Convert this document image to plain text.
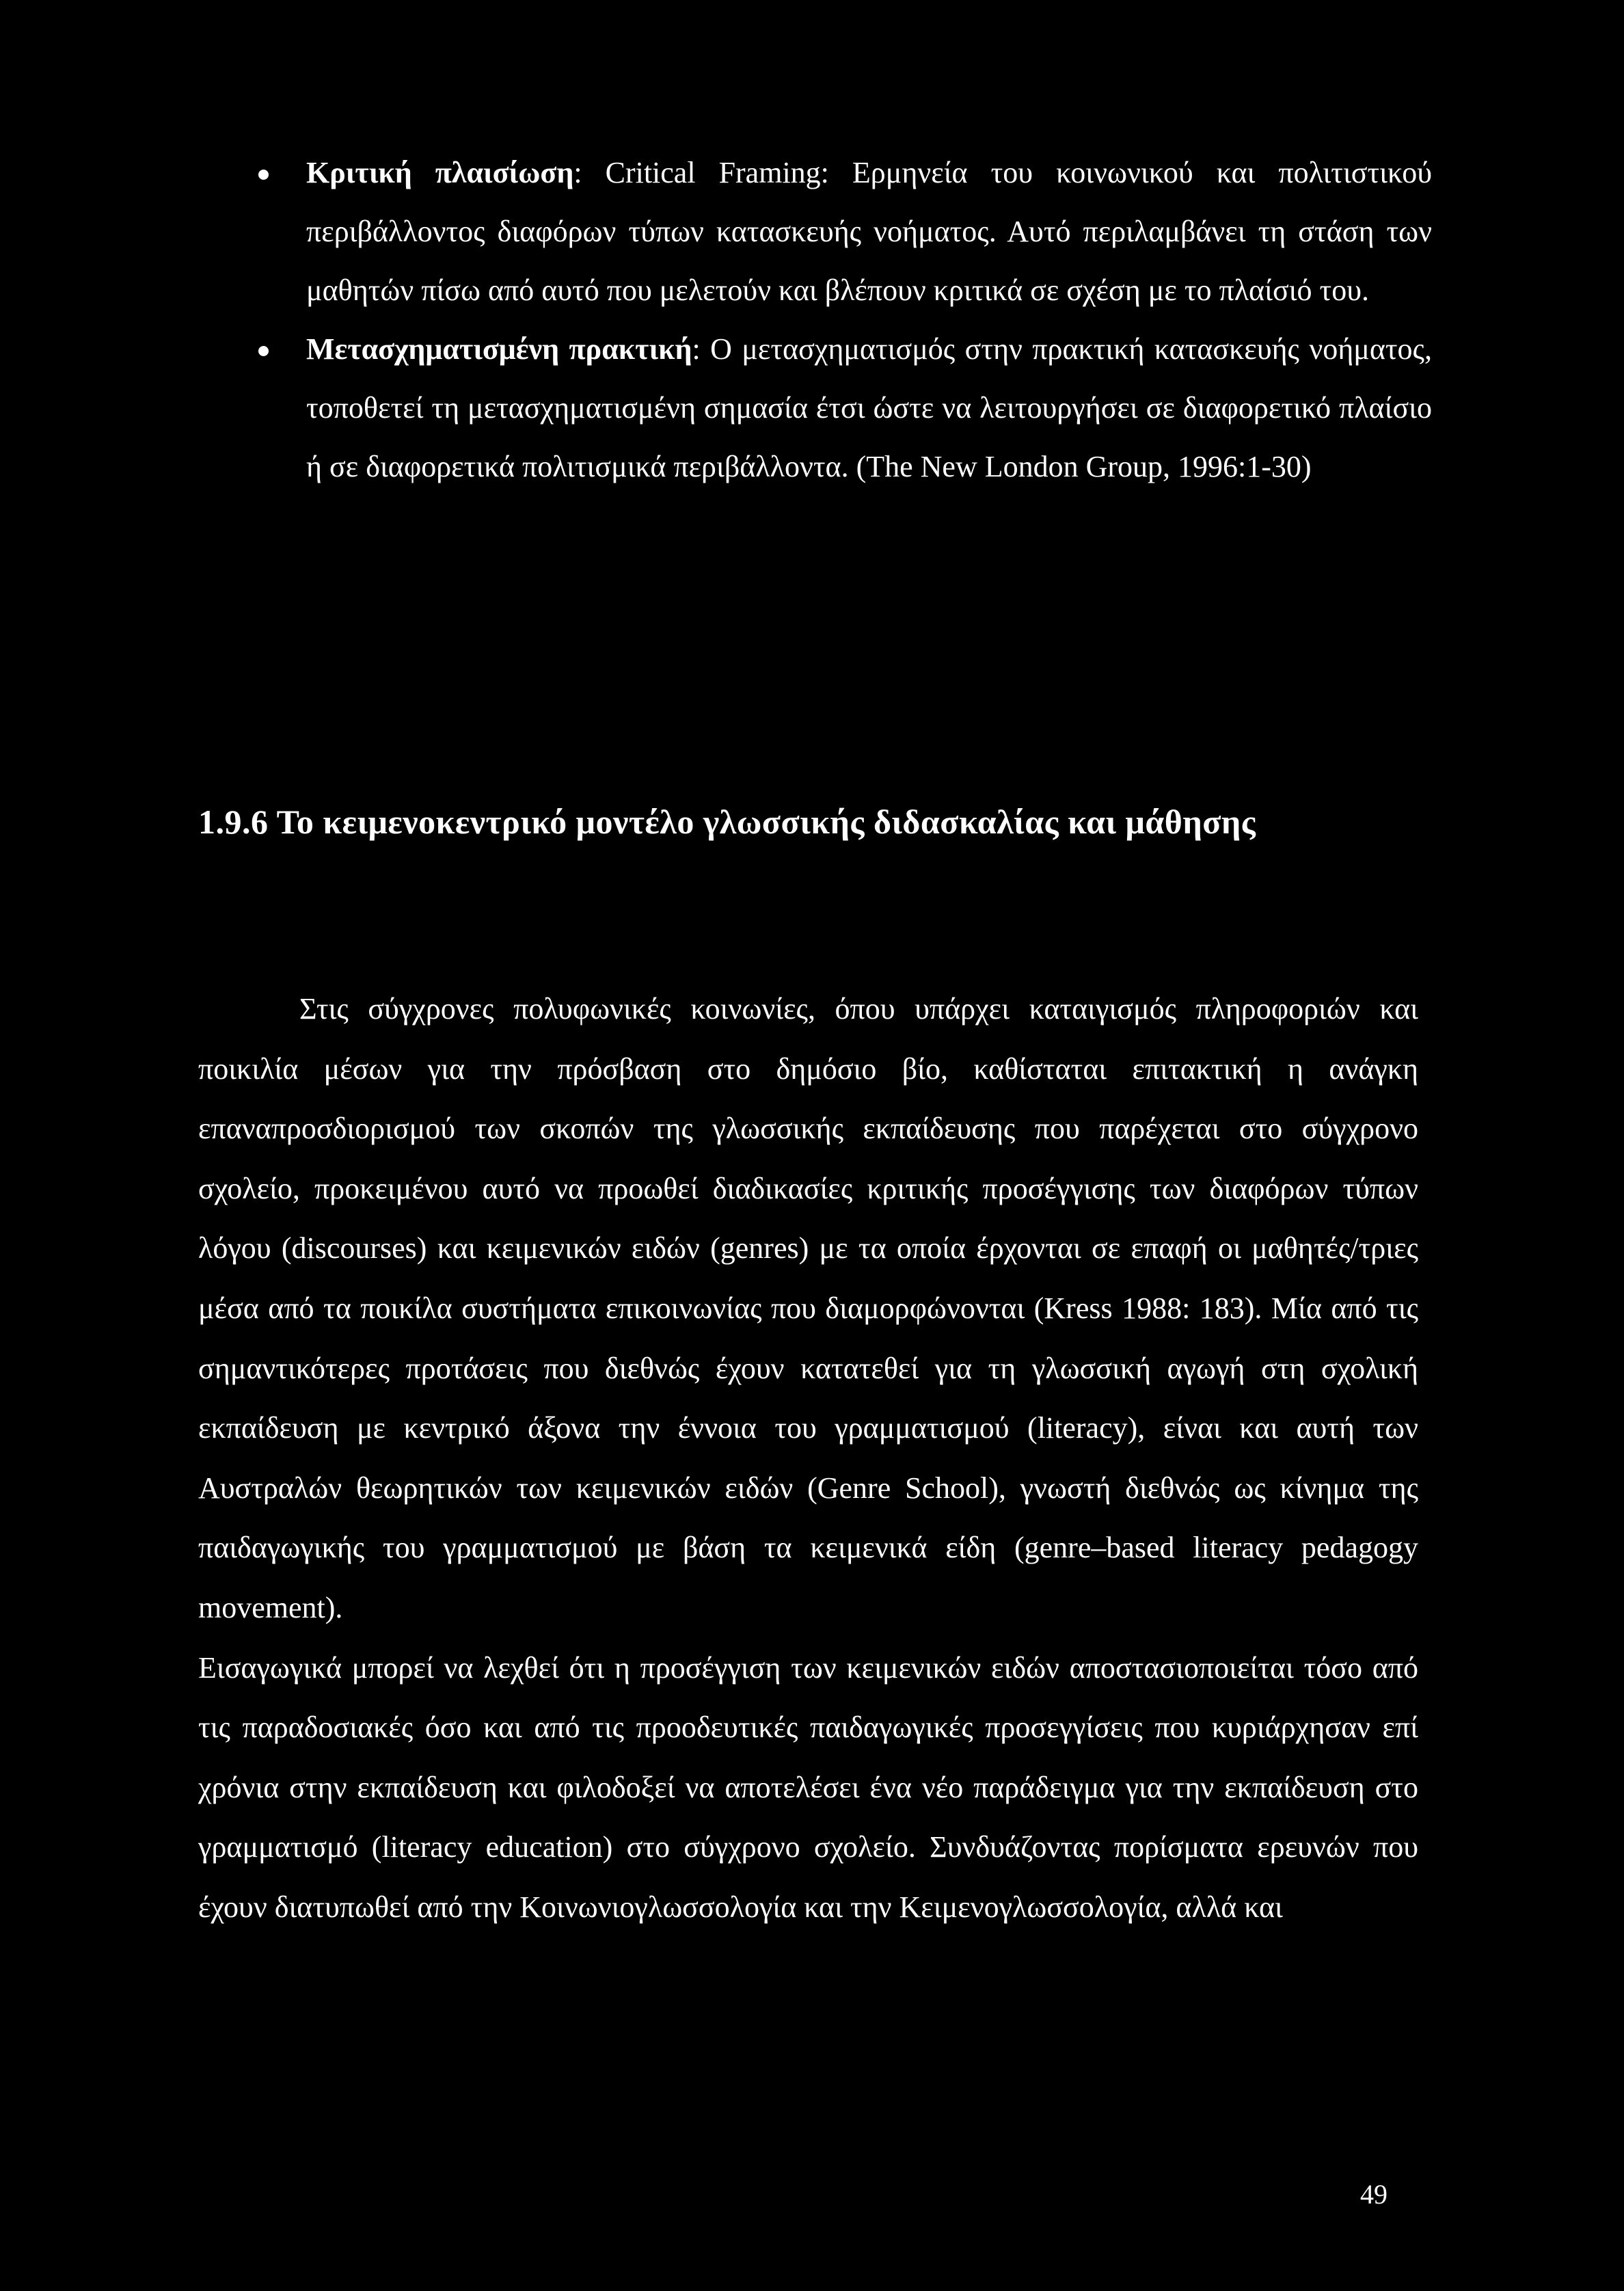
Κριτική πλαισίωση: Critical Framing: Ερμηνεία του κοινωνικού και πολιτιστικού περιβάλλοντος διαφόρων τύπων κατασκευής νοήματος. Αυτό περιλαμβάνει τη στάση των μαθητών πίσω από αυτό που μελετούν και βλέπουν κριτικά σε σχέση με το πλαίσιό του.
Μετασχηματισμένη πρακτική: Ο μετασχηματισμός στην πρακτική κατασκευής νοήματος, τοποθετεί τη μετασχηματισμένη σημασία έτσι ώστε να λειτουργήσει σε διαφορετικό πλαίσιο ή σε διαφορετικά πολιτισμικά περιβάλλοντα. (The New London Group, 1996:1-30)
1.9.6 Το κειμενοκεντρικό μοντέλο γλωσσικής διδασκαλίας και μάθησης

Στις σύγχρονες πολυφωνικές κοινωνίες, όπου υπάρχει καταιγισμός πληροφοριών και ποικιλία μέσων για την πρόσβαση στο δημόσιο βίο, καθίσταται επιτακτική η ανάγκη επαναπροσδιορισμού των σκοπών της γλωσσικής εκπαίδευσης που παρέχεται στο σύγχρονο σχολείο, προκειμένου αυτό να προωθεί διαδικασίες κριτικής προσέγγισης των διαφόρων τύπων λόγου (discourses) και κειμενικών ειδών (genres) με τα οποία έρχονται σε επαφή οι μαθητές/τριες μέσα από τα ποικίλα συστήματα επικοινωνίας που διαμορφώνονται (Kress 1988: 183). Μία από τις σημαντικότερες προτάσεις που διεθνώς έχουν κατατεθεί για τη γλωσσική αγωγή στη σχολική εκπαίδευση με κεντρικό άξονα την έννοια του γραμματισμού (literacy), είναι και αυτή των Αυστραλών θεωρητικών των κειμενικών ειδών (Genre School), γνωστή διεθνώς ως κίνημα της παιδαγωγικής του γραμματισμού με βάση τα κειμενικά είδη (genre–based literacy pedagogy movement).

Εισαγωγικά μπορεί να λεχθεί ότι η προσέγγιση των κειμενικών ειδών αποστασιοποιείται τόσο από τις παραδοσιακές όσο και από τις προοδευτικές παιδαγωγικές προσεγγίσεις που κυριάρχησαν επί χρόνια στην εκπαίδευση και φιλοδοξεί να αποτελέσει ένα νέο παράδειγμα για την εκπαίδευση στο γραμματισμό (literacy education) στο σύγχρονο σχολείο. Συνδυάζοντας πορίσματα ερευνών που έχουν διατυπωθεί από την Κοινωνιογλωσσολογία και την Κειμενογλωσσολογία, αλλά και

49
